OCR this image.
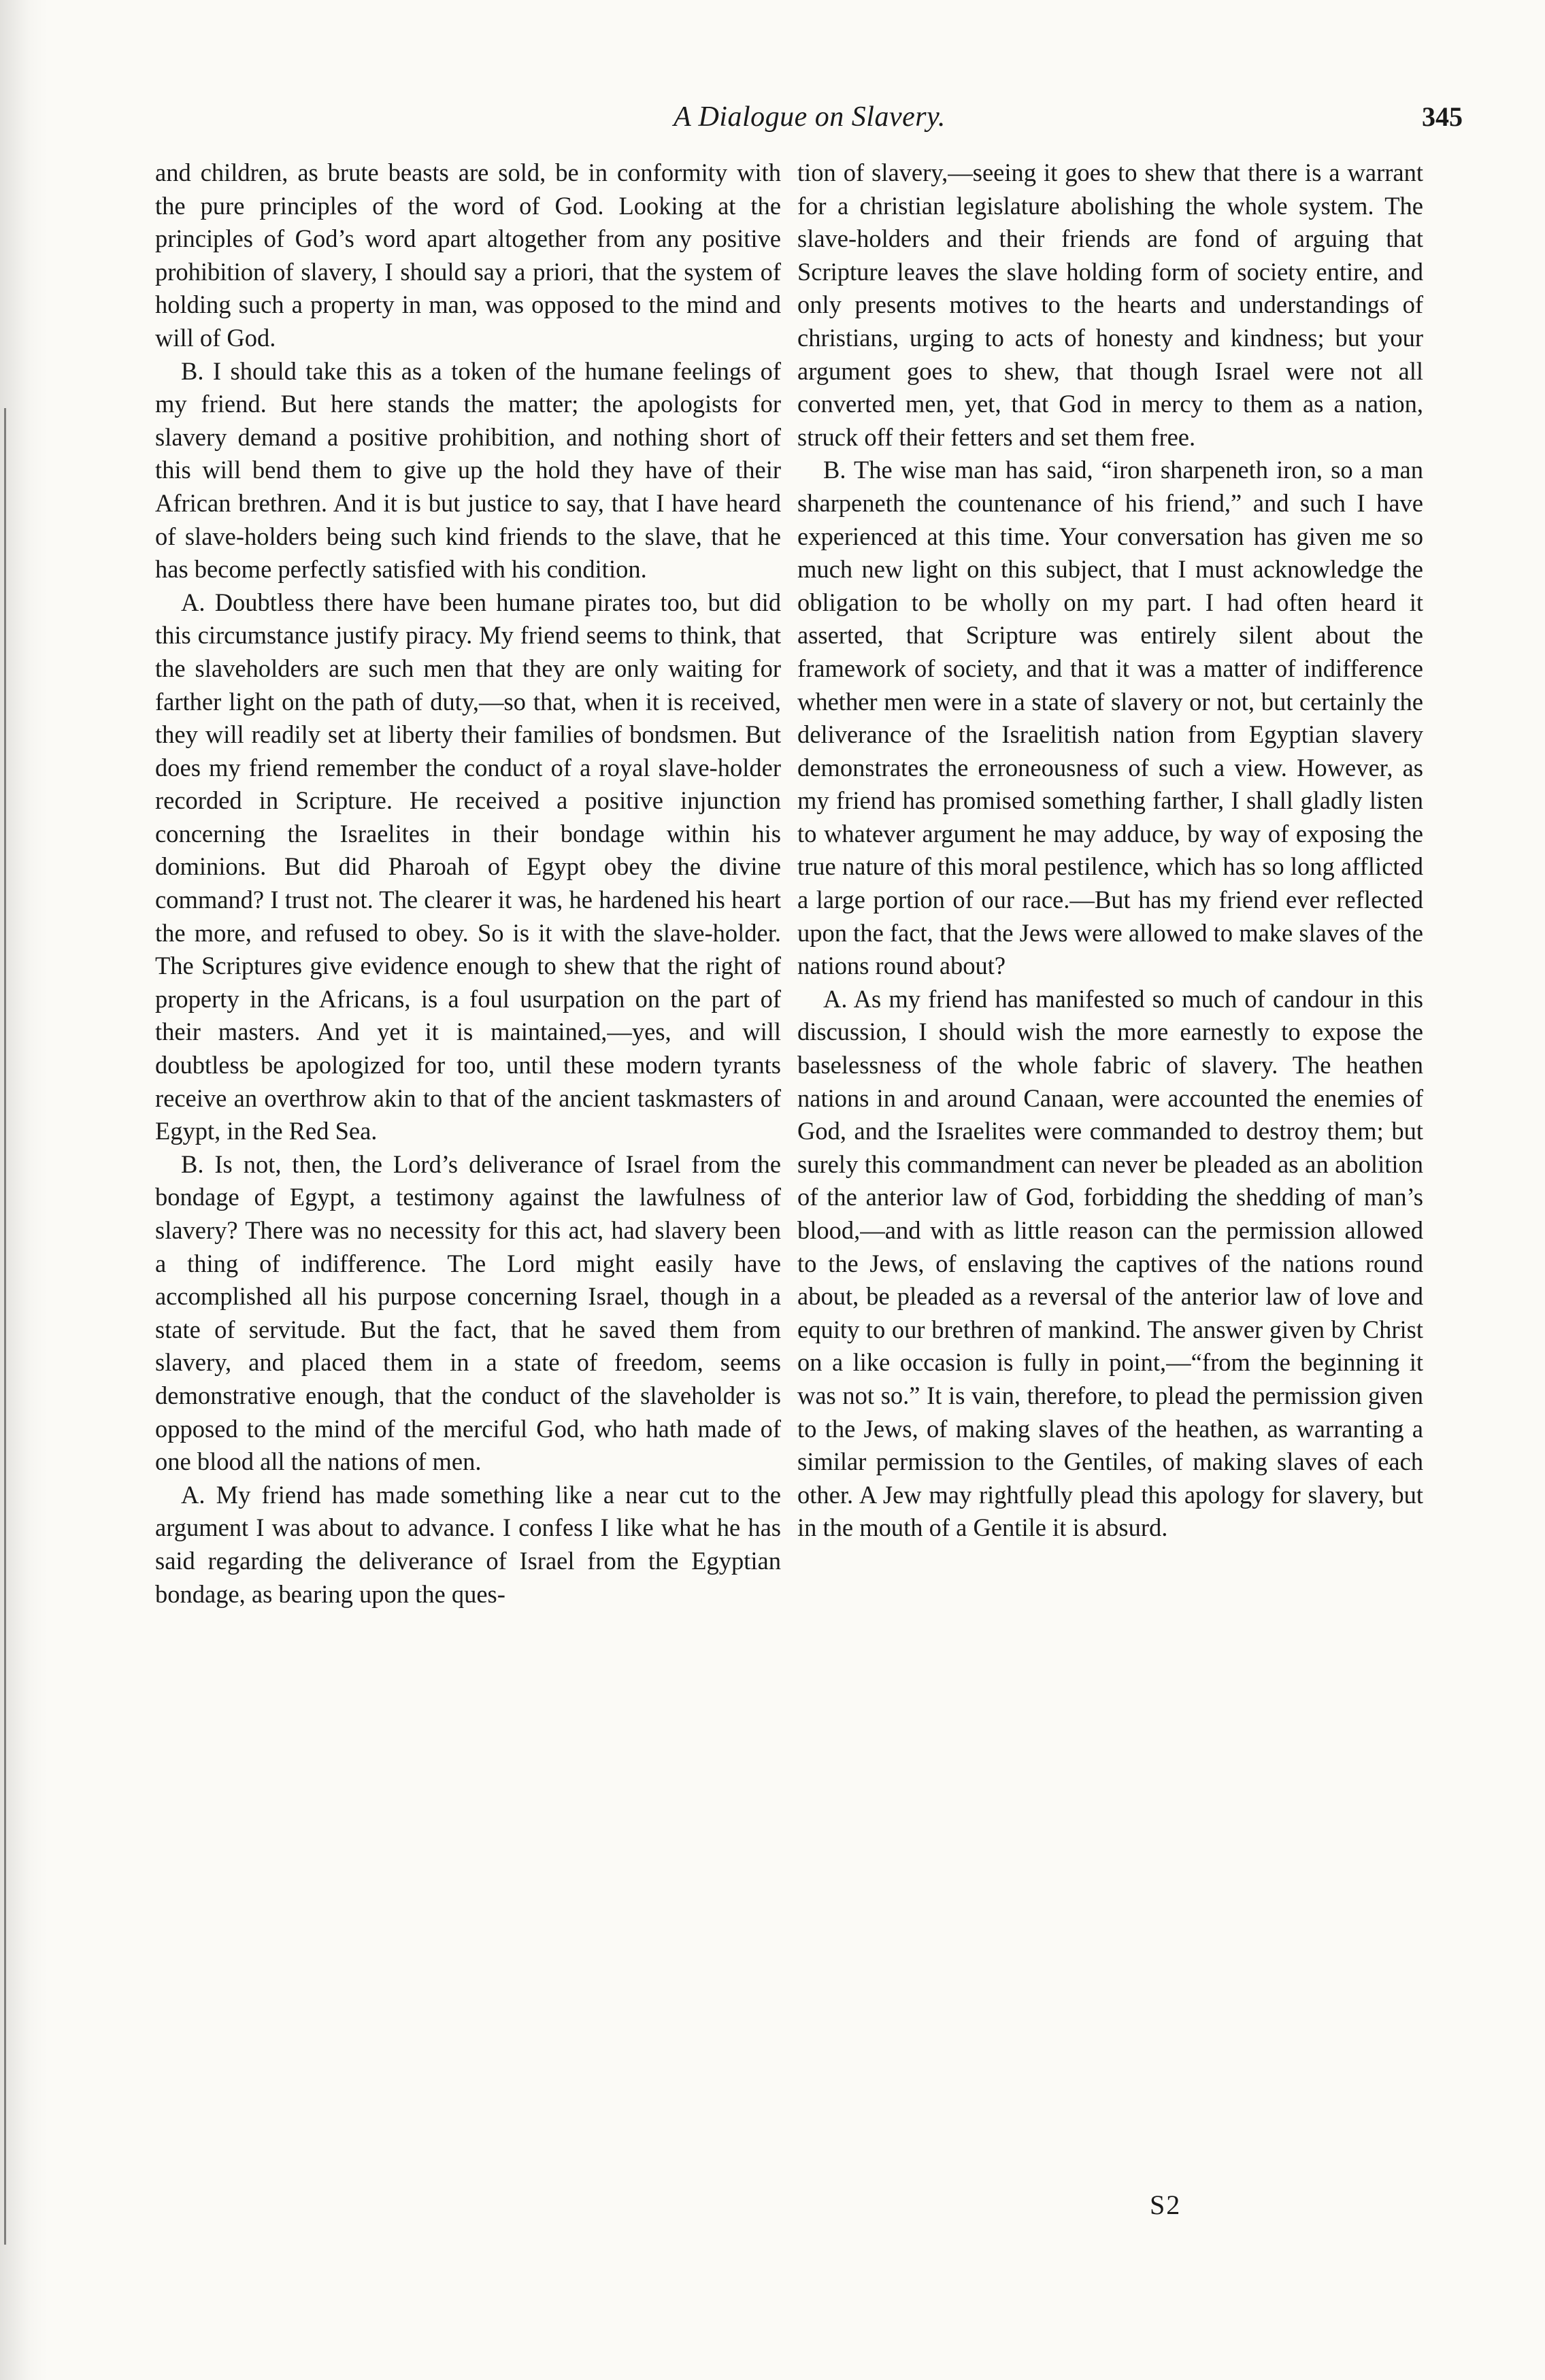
A Dialogue on Slavery.	345

and children, as brute beasts are sold, be in conformity with the pure principles of the word of God. Looking at the principles of God’s word apart altogether from any positive prohibition of slavery, I should say a priori, that the system of holding such a property in man, was opposed to the mind and will of God.

B. I should take this as a token of the humane feelings of my friend. But here stands the matter; the apologists for slavery demand a positive prohibition, and nothing short of this will bend them to give up the hold they have of their African brethren. And it is but justice to say, that I have heard of slave-holders being such kind friends to the slave, that he has become perfectly satisfied with his condition.

A. Doubtless there have been humane pirates too, but did this circumstance justify piracy. My friend seems to think, that the slaveholders are such men that they are only waiting for farther light on the path of duty,—so that, when it is received, they will readily set at liberty their families of bondsmen. But does my friend remember the conduct of a royal slave-holder recorded in Scripture. He received a positive injunction concerning the Israelites in their bondage within his dominions. But did Pharoah of Egypt obey the divine command? I trust not. The clearer it was, he hardened his heart the more, and refused to obey. So is it with the slave-holder. The Scriptures give evidence enough to shew that the right of property in the Africans, is a foul usurpation on the part of their masters. And yet it is maintained,—yes, and will doubtless be apologized for too, until these modern tyrants receive an overthrow akin to that of the ancient taskmasters of Egypt, in the Red Sea.

B. Is not, then, the Lord’s deliverance of Israel from the bondage of Egypt, a testimony against the lawfulness of slavery? There was no necessity for this act, had slavery been a thing of indifference. The Lord might easily have accomplished all his purpose concerning Israel, though in a state of servitude. But the fact, that he saved them from slavery, and placed them in a state of freedom, seems demonstrative enough, that the conduct of the slaveholder is opposed to the mind of the merciful God, who hath made of one blood all the nations of men.

A. My friend has made something like a near cut to the argument I was about to advance. I confess I like what he has said regarding the deliverance of Israel from the Egyptian bondage, as bearing upon the ques-

tion of slavery,—seeing it goes to shew that there is a warrant for a christian legislature abolishing the whole system. The slave-holders and their friends are fond of arguing that Scripture leaves the slave holding form of society entire, and only presents motives to the hearts and understandings of christians, urging to acts of honesty and kindness; but your argument goes to shew, that though Israel were not all converted men, yet, that God in mercy to them as a nation, struck off their fetters and set them free.

B. The wise man has said, “iron sharpeneth iron, so a man sharpeneth the countenance of his friend,” and such I have experienced at this time. Your conversation has given me so much new light on this subject, that I must acknowledge the obligation to be wholly on my part. I had often heard it asserted, that Scripture was entirely silent about the framework of society, and that it was a matter of indifference whether men were in a state of slavery or not, but certainly the deliverance of the Israelitish nation from Egyptian slavery demonstrates the erroneousness of such a view. However, as my friend has promised something farther, I shall gladly listen to whatever argument he may adduce, by way of exposing the true nature of this moral pestilence, which has so long afflicted a large portion of our race.—But has my friend ever reflected upon the fact, that the Jews were allowed to make slaves of the nations round about?

A. As my friend has manifested so much of candour in this discussion, I should wish the more earnestly to expose the baselessness of the whole fabric of slavery. The heathen nations in and around Canaan, were accounted the enemies of God, and the Israelites were commanded to destroy them; but surely this commandment can never be pleaded as an abolition of the anterior law of God, forbidding the shedding of man’s blood,—and with as little reason can the permission allowed to the Jews, of enslaving the captives of the nations round about, be pleaded as a reversal of the anterior law of love and equity to our brethren of mankind. The answer given by Christ on a like occasion is fully in point,—“from the beginning it was not so.” It is vain, therefore, to plead the permission given to the Jews, of making slaves of the heathen, as warranting a similar permission to the Gentiles, of making slaves of each other. A Jew may rightfully plead this apology for slavery, but in the mouth of a Gentile it is absurd.

S2
